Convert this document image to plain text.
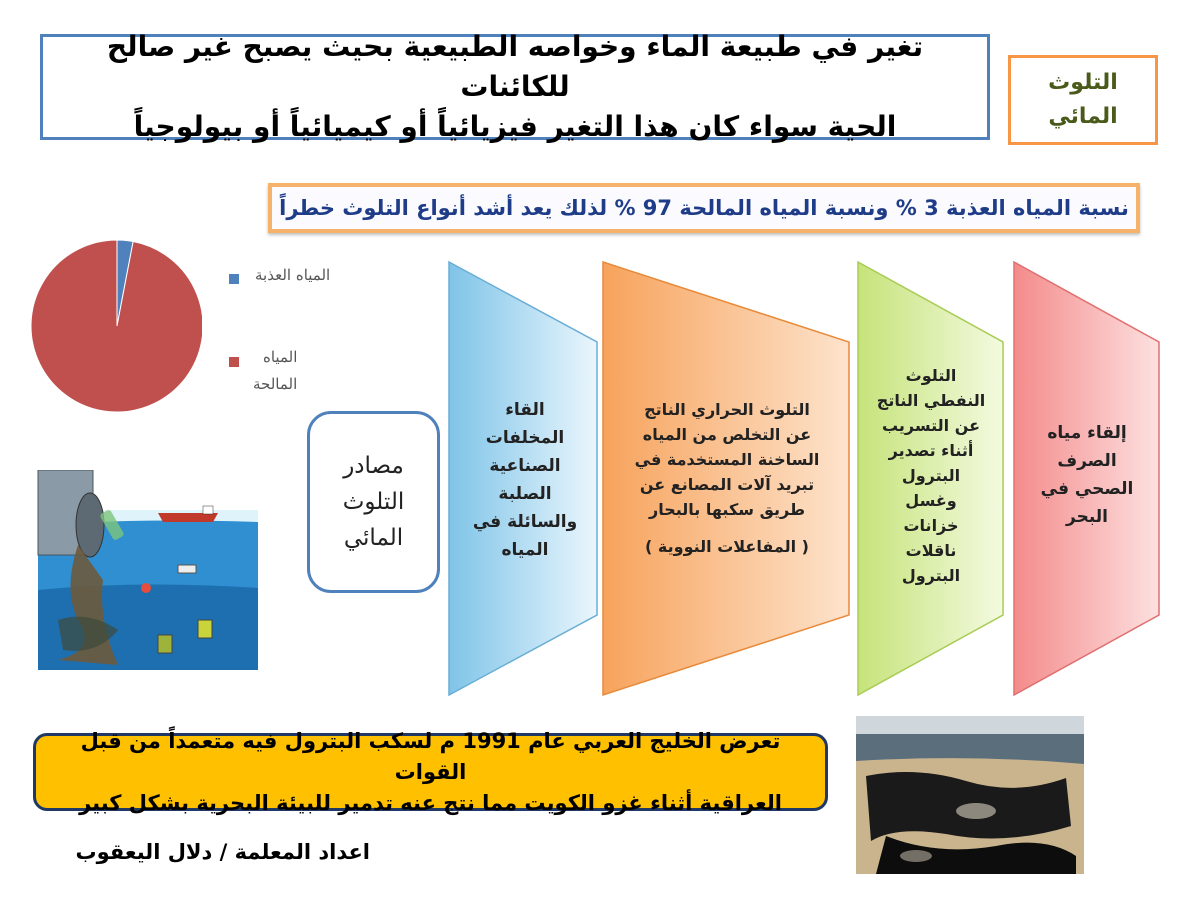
تغير في طبيعة الماء وخواصه الطبيعية بحيث يصبح غير صالح للكائنات
الحية سواء كان هذا التغير فيزيائياً أو كيميائياً أو بيولوجياً
التلوث
المائي
نسبة المياه العذبة 3 % ونسبة المياه المالحة 97 % لذلك يعد أشد أنواع التلوث خطراً
المياه العذبة
المياه
المالحة
مصادر
التلوث
المائي
القاء
المخلفات
الصناعية
الصلبة
والسائلة في
المياه
التلوث الحراري الناتج
عن التخلص من المياه
الساخنة المستخدمة في
تبريد آلات المصانع عن
طريق سكبها بالبحار
( المفاعلات النووية )
التلوث
النفطي الناتج
عن التسريب
أثناء تصدير
البترول
وغسل
خزانات
ناقلات
البترول
إلقاء مياه
الصرف
الصحي في
البحر
تعرض الخليج العربي عام 1991 م لسكب البترول فيه متعمداً من قبل القوات
العراقية أثناء غزو الكويت مما نتج عنه تدمير للبيئة البحرية بشكل كبير
اعداد المعلمة / دلال اليعقوب
